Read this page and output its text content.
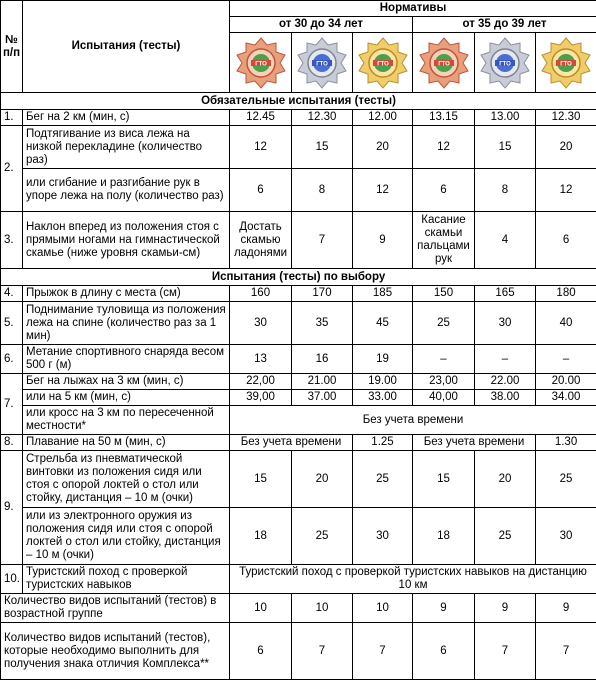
№ п/п	Испытания (тесты)	Нормативы					
		от 30 до 34 лет			от 35 до 39 лет		

ГТО	ГТО	ГТО	ГТО	ГТО	ГТО

Обязательные испытания (тесты)							
1.	Бег на 2 км (мин, с)	12.45	12.30	12.00	13.15	13.00	12.30
2.	Подтягивание из виса лежа на низкой перекладине (количество раз)	12	15	20	12	15	20
	или сгибание и разгибание рук в упоре лежа на полу (количество раз)	6	8	12	6	8	12
3.	Наклон вперед из положения стоя с прямыми ногами на гимнастической скамье (ниже уровня скамьи-см)	Достать скамью ладонями	7	9	Касание скамьи пальцами рук	4	6
Испытания (тесты) по выбору							
4.	Прыжок в длину с места (см)	160	170	185	150	165	180
5.	Поднимание туловища из положения лежа на спине (количество раз за 1 мин)	30	35	45	25	30	40
6.	Метание спортивного снаряда весом 500 г (м)	13	16	19	–	–	–
7.	Бег на лыжах на 3 км (мин, с)	22,00	21.00	19.00	23,00	22.00	20.00
	или на 5 км (мин, с)	39,00	37.00	33.00	40,00	38.00	34.00
	или кросс на 3 км по пересеченной местности*	Без учета времени					
8.	Плавание на 50 м (мин, с)	Без учета времени		1.25	Без учета времени		1.30
9.	Стрельба из пневматической винтовки из положения сидя или стоя с опорой локтей о стол или стойку, дистанция – 10 м (очки)	15	20	25	15	20	25
	или из электронного оружия из положения сидя или стоя с опорой локтей о стол или стойку, дистанция – 10 м (очки)	18	25	30	18	25	30
10.	Туристский поход с проверкой туристских навыков	Туристский поход с проверкой туристских навыков на дистанцию 10 км					
Количество видов испытаний (тестов) в возрастной группе		10	10	10	9	9	9
Количество видов испытаний (тестов), которые необходимо выполнить для получения знака отличия Комплекса**		6	7	7	6	7	7
